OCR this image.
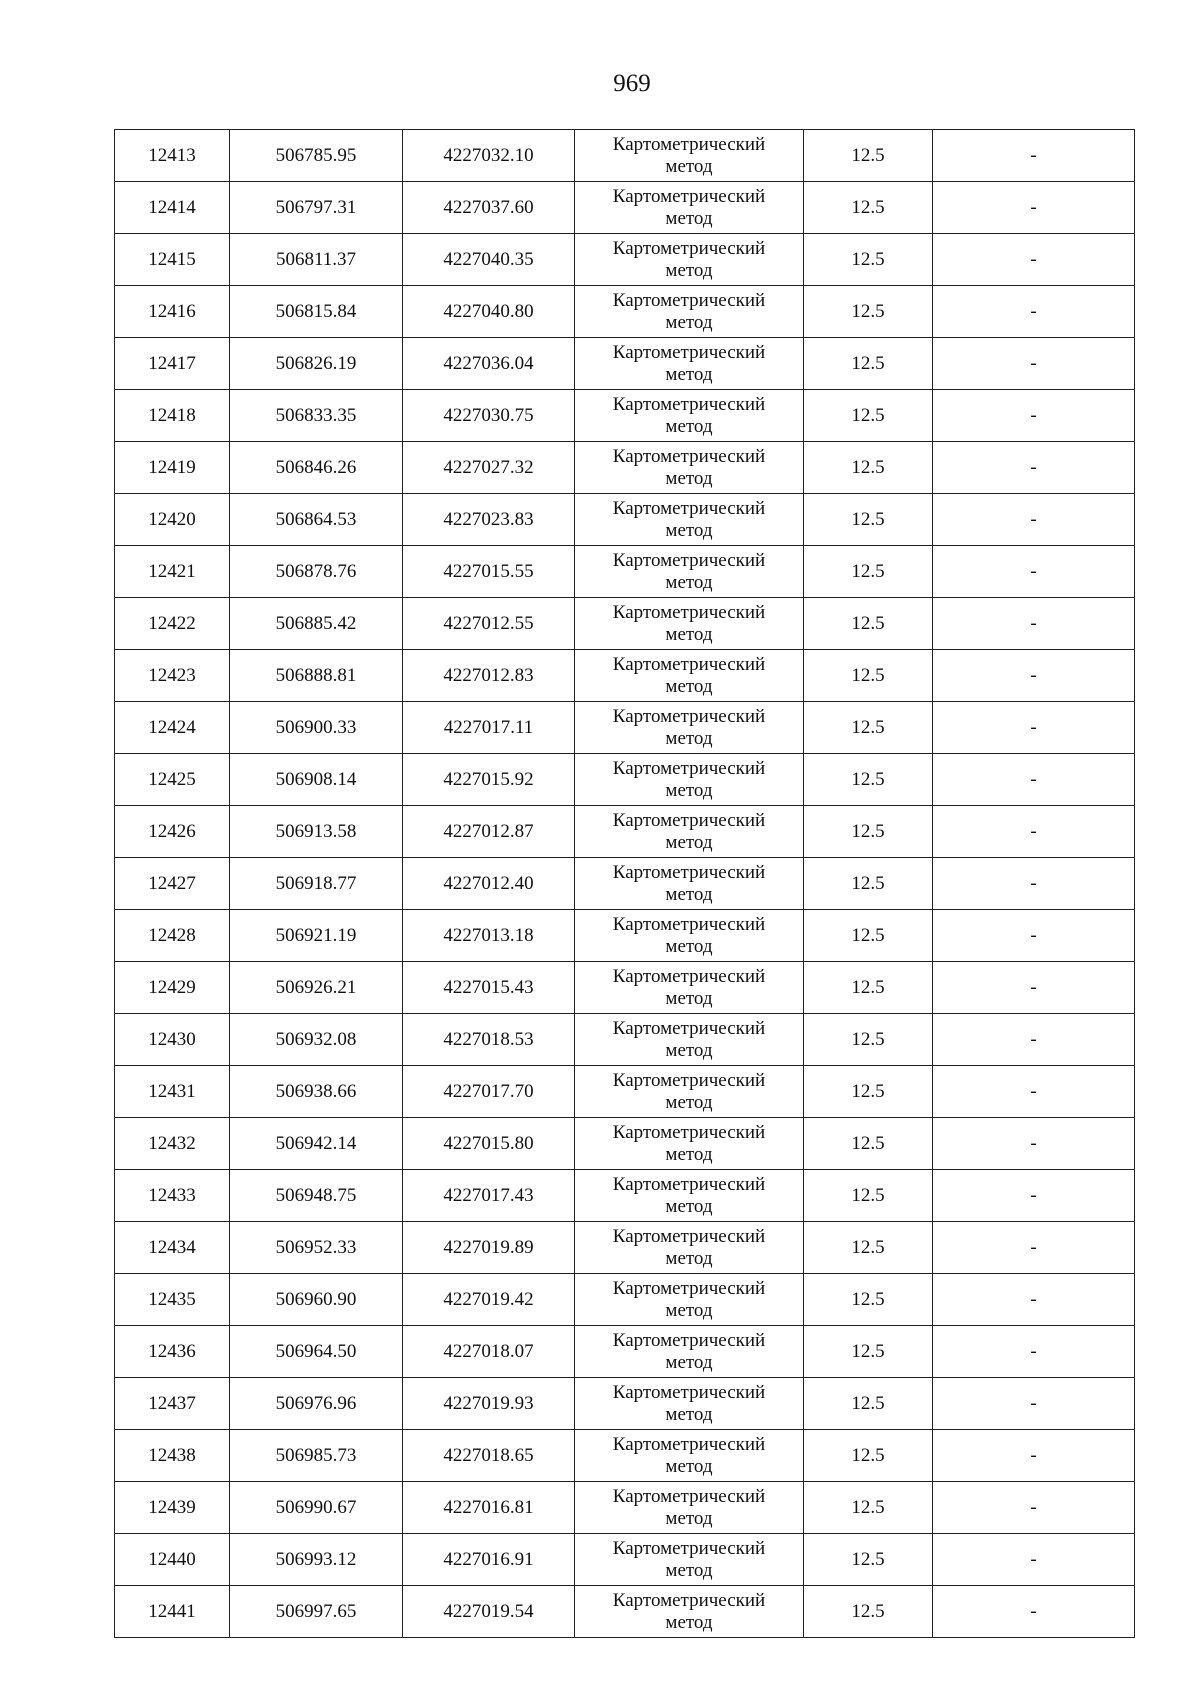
969
12413	506785.95	4227032.10	Картометрический
метод	12.5	-
12414	506797.31	4227037.60	Картометрический
метод	12.5	-
12415	506811.37	4227040.35	Картометрический
метод	12.5	-
12416	506815.84	4227040.80	Картометрический
метод	12.5	-
12417	506826.19	4227036.04	Картометрический
метод	12.5	-
12418	506833.35	4227030.75	Картометрический
метод	12.5	-
12419	506846.26	4227027.32	Картометрический
метод	12.5	-
12420	506864.53	4227023.83	Картометрический
метод	12.5	-
12421	506878.76	4227015.55	Картометрический
метод	12.5	-
12422	506885.42	4227012.55	Картометрический
метод	12.5	-
12423	506888.81	4227012.83	Картометрический
метод	12.5	-
12424	506900.33	4227017.11	Картометрический
метод	12.5	-
12425	506908.14	4227015.92	Картометрический
метод	12.5	-
12426	506913.58	4227012.87	Картометрический
метод	12.5	-
12427	506918.77	4227012.40	Картометрический
метод	12.5	-
12428	506921.19	4227013.18	Картометрический
метод	12.5	-
12429	506926.21	4227015.43	Картометрический
метод	12.5	-
12430	506932.08	4227018.53	Картометрический
метод	12.5	-
12431	506938.66	4227017.70	Картометрический
метод	12.5	-
12432	506942.14	4227015.80	Картометрический
метод	12.5	-
12433	506948.75	4227017.43	Картометрический
метод	12.5	-
12434	506952.33	4227019.89	Картометрический
метод	12.5	-
12435	506960.90	4227019.42	Картометрический
метод	12.5	-
12436	506964.50	4227018.07	Картометрический
метод	12.5	-
12437	506976.96	4227019.93	Картометрический
метод	12.5	-
12438	506985.73	4227018.65	Картометрический
метод	12.5	-
12439	506990.67	4227016.81	Картометрический
метод	12.5	-
12440	506993.12	4227016.91	Картометрический
метод	12.5	-
12441	506997.65	4227019.54	Картометрический
метод	12.5	-
